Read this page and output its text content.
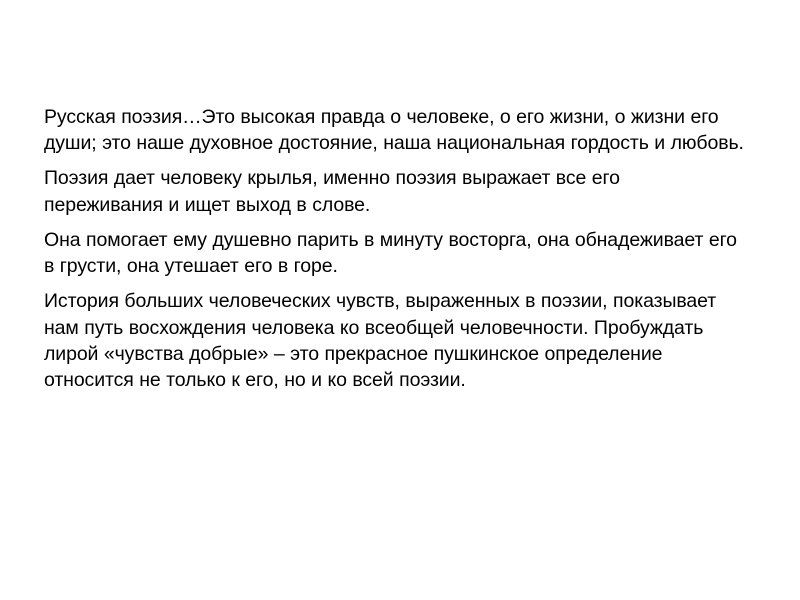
Русская поэзия…Это высокая правда о человеке, о его жизни, о жизни его души; это наше духовное достояние, наша национальная гордость и любовь.

Поэзия дает человеку крылья, именно поэзия выражает все его переживания и ищет выход в слове.

Она помогает ему душевно парить в минуту восторга, она обнадеживает его в грусти, она утешает его в горе.

История больших человеческих чувств, выраженных в поэзии, показывает нам путь восхождения человека ко всеобщей человечности. Пробуждать лирой «чувства добрые» – это прекрасное пушкинское определение относится не только к его, но и ко всей поэзии.
